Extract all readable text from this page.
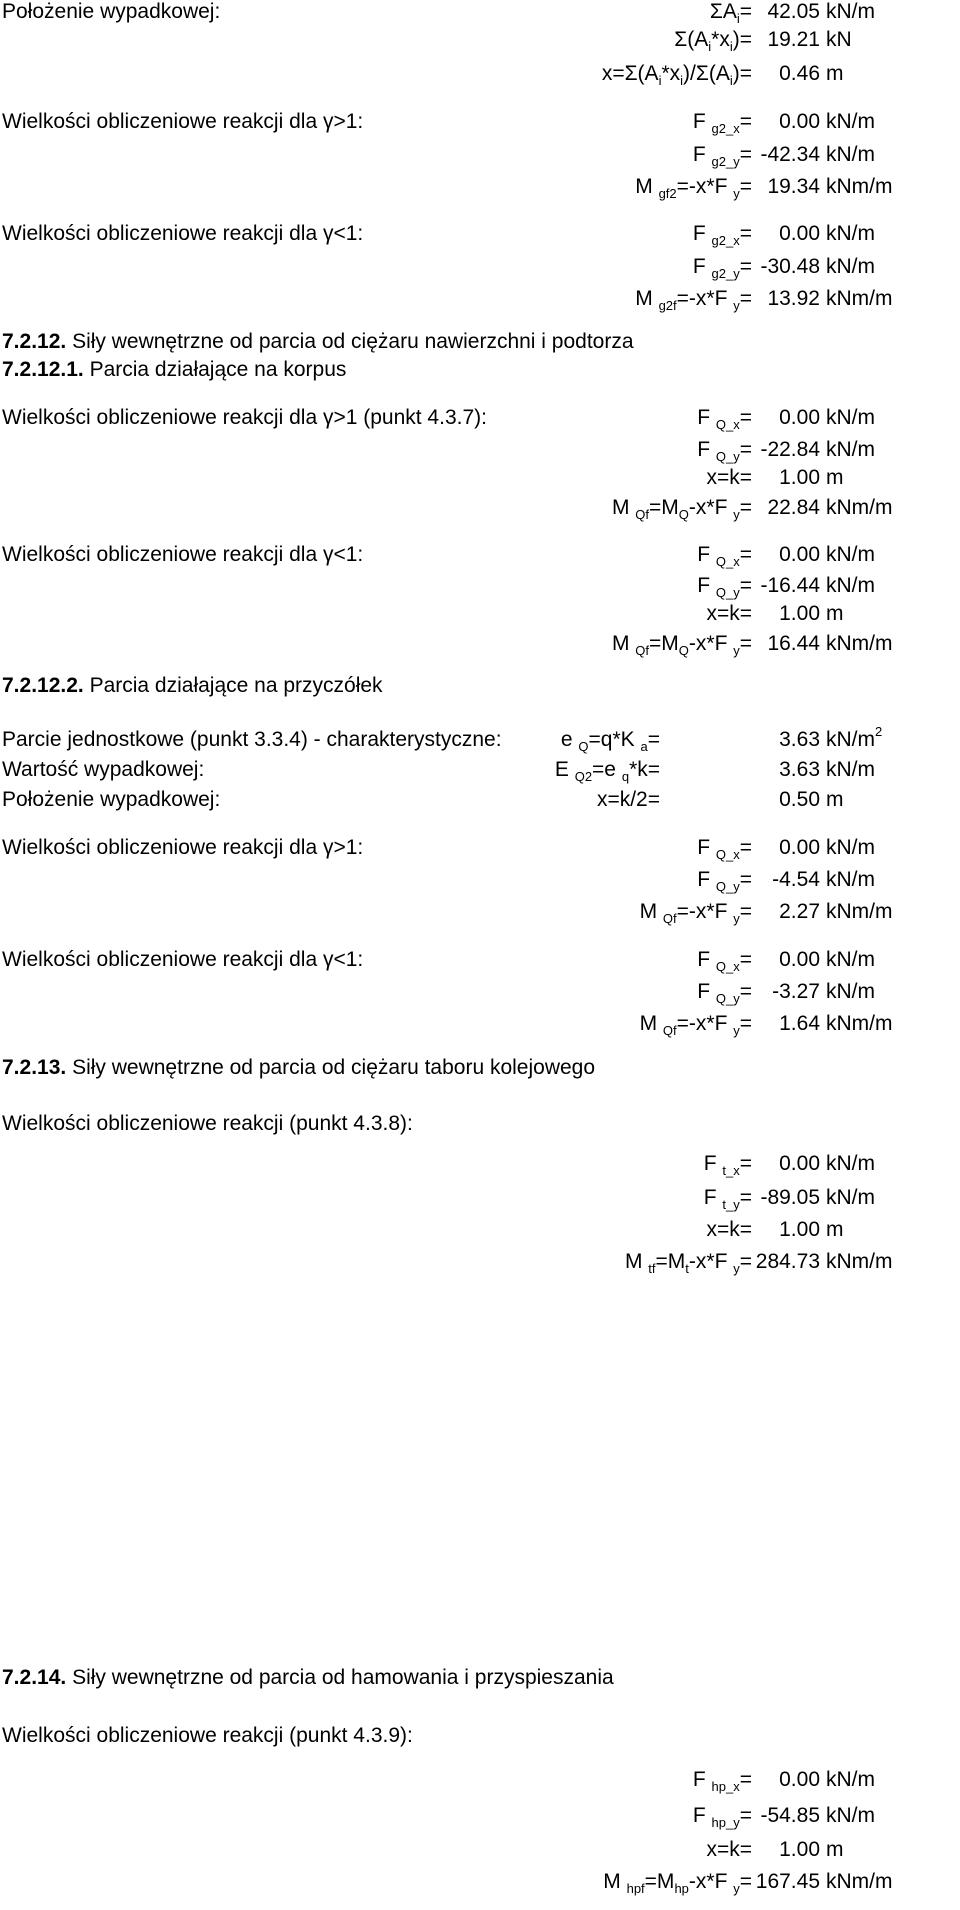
Położenie wypadkowej:	$\Sigma A_i= 42.05$ kN/m
$\Sigma(A_i*x_i)= 19.21$ kN
$x=\Sigma(A_i*x_i)/\Sigma(A_i)=$	0.46 m
Wielkości obliczeniowe reakcji dla γ>1:	F $_{g2\_x}$=	0.00 kN/m
F $_{g2\_y}$= -42.34 kN/m
M $_{gf2}$=-x*F $_y$= 19.34 kNm/m
Wielkości obliczeniowe reakcji dla γ<1:	F $_{g2\_x}$=	0.00 kN/m
F $_{g2\_y}$= -30.48 kN/m
M $_{g2f}$=-x*F $_y$= 13.92 kNm/m
7.2.12. Siły wewnętrzne od parcia od ciężaru nawierzchni i podtorza
7.2.12.1. Parcia działające na korpus
Wielkości obliczeniowe reakcji dla γ>1 (punkt 4.3.7):	F $_{Q\_x}$=	0.00 kN/m
F $_{Q\_y}$= -22.84 kN/m
x=k=	1.00 m
M $_{Qf}=M_Q-x*F$ $_y$= 22.84 kNm/m
Wielkości obliczeniowe reakcji dla γ<1:	F $_{Q\_x}$=	0.00 kN/m
F $_{Q\_y}$= -16.44 kN/m
x=k=	1.00 m
M $_{Qf}=M_Q-x*F$ $_y$= 16.44 kNm/m
7.2.12.2. Parcia działające na przyczółek
Parcie jednostkowe (punkt 3.3.4) - charakterystyczne:	e $_Q$=q*K $_a$=	3.63 $kN/m^2$
Wartość wypadkowej:	E $_{Q2}$=e $_q$*k=	3.63 kN/m
Położenie wypadkowej:	x=k/2=	0.50 m
Wielkości obliczeniowe reakcji dla γ>1:	F $_{Q\_x}$=	0.00 kN/m
F $_{Q\_y}$= -4.54 kN/m
M $_{Qf}$=-x*F $_y$=	2.27 kNm/m
Wielkości obliczeniowe reakcji dla γ<1:	F $_{Q\_x}$=	0.00 kN/m
F $_{Q\_y}$= -3.27 kN/m
M $_{Qf}$=-x*F $_y$=	1.64 kNm/m
7.2.13. Siły wewnętrzne od parcia od ciężaru taboru kolejowego
Wielkości obliczeniowe reakcji (punkt 4.3.8):
F $_{t\_x}$=	0.00 kN/m
F $_{t\_y}$= -89.05 kN/m
x=k=	1.00 m
M $_{tf}=M_t-x*F$ $_y$= 284.73 kNm/m
7.2.14. Siły wewnętrzne od parcia od hamowania i przyspieszania
Wielkości obliczeniowe reakcji (punkt 4.3.9):
F $_{hp\_x}$=	0.00 kN/m
F $_{hp\_y}$= -54.85 kN/m
x=k=	1.00 m
M $_{hpf}=M_{hp}-x*F$ $_y$= 167.45 kNm/m
